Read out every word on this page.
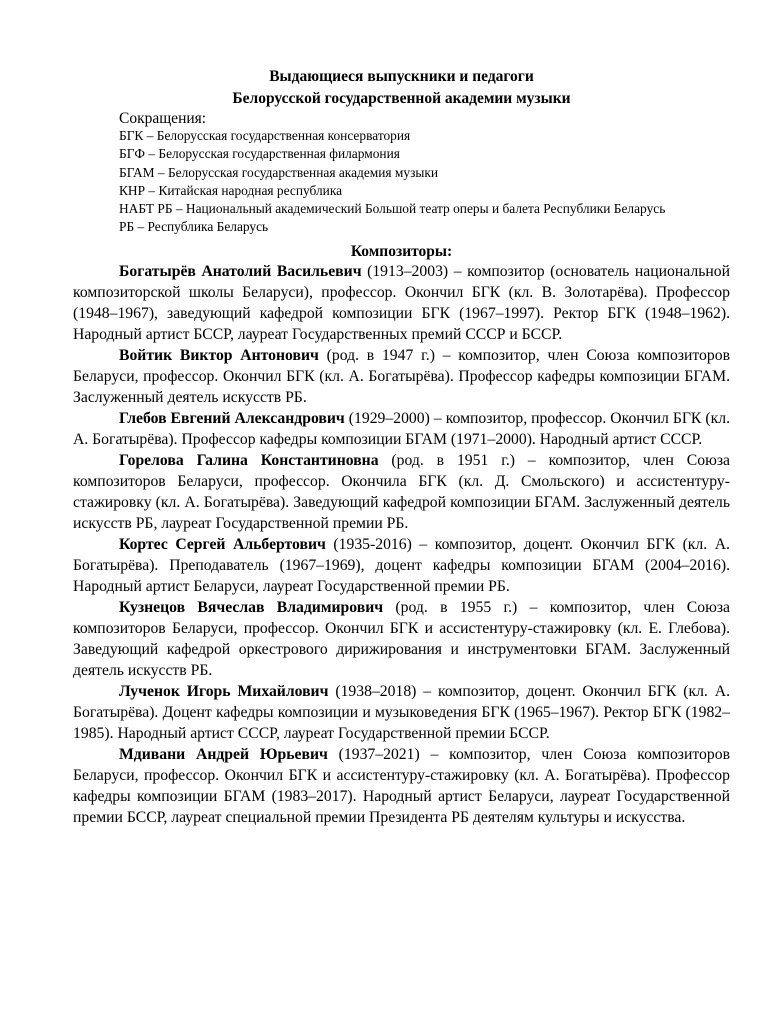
Выдающиеся выпускники и педагоги
Белорусской государственной академии музыки
Сокращения:
БГК – Белорусская государственная консерватория
БГФ – Белорусская государственная филармония
БГАМ – Белорусская государственная академия музыки
КНР – Китайская народная республика
НАБТ РБ – Национальный академический Большой театр оперы и балета Республики Беларусь
РБ – Республика Беларусь
Композиторы:

Богатырёв Анатолий Васильевич (1913–2003) – композитор (основатель национальной композиторской школы Беларуси), профессор. Окончил БГК (кл. В. Золотарёва). Профессор (1948–1967), заведующий кафедрой композиции БГК (1967–1997). Ректор БГК (1948–1962). Народный артист БССР, лауреат Государственных премий СССР и БССР.

Войтик Виктор Антонович (род. в 1947 г.) – композитор, член Союза композиторов Беларуси, профессор. Окончил БГК (кл. А. Богатырёва). Профессор кафедры композиции БГАМ. Заслуженный деятель искусств РБ.

Глебов Евгений Александрович (1929–2000) – композитор, профессор. Окончил БГК (кл. А. Богатырёва). Профессор кафедры композиции БГАМ (1971–2000). Народный артист СССР.

Горелова Галина Константиновна (род. в 1951 г.) – композитор, член Союза композиторов Беларуси, профессор. Окончила БГК (кл. Д. Смольского) и ассистентуру-стажировку (кл. А. Богатырёва). Заведующий кафедрой композиции БГАМ. Заслуженный деятель искусств РБ, лауреат Государственной премии РБ.

Кортес Сергей Альбертович (1935-2016) – композитор, доцент. Окончил БГК (кл. А. Богатырёва). Преподаватель (1967–1969), доцент кафедры композиции БГАМ (2004–2016). Народный артист Беларуси, лауреат Государственной премии РБ.

Кузнецов Вячеслав Владимирович (род. в 1955 г.) – композитор, член Союза композиторов Беларуси, профессор. Окончил БГК и ассистентуру-стажировку (кл. Е. Глебова). Заведующий кафедрой оркестрового дирижирования и инструментовки БГАМ. Заслуженный деятель искусств РБ.

Лученок Игорь Михайлович (1938–2018) – композитор, доцент. Окончил БГК (кл. А. Богатырёва). Доцент кафедры композиции и музыковедения БГК (1965–1967). Ректор БГК (1982–1985). Народный артист СССР, лауреат Государственной премии БССР.

Мдивани Андрей Юрьевич (1937–2021) – композитор, член Союза композиторов Беларуси, профессор. Окончил БГК и ассистентуру-стажировку (кл. А. Богатырёва). Профессор кафедры композиции БГАМ (1983–2017). Народный артист Беларуси, лауреат Государственной премии БССР, лауреат специальной премии Президента РБ деятелям культуры и искусства.
